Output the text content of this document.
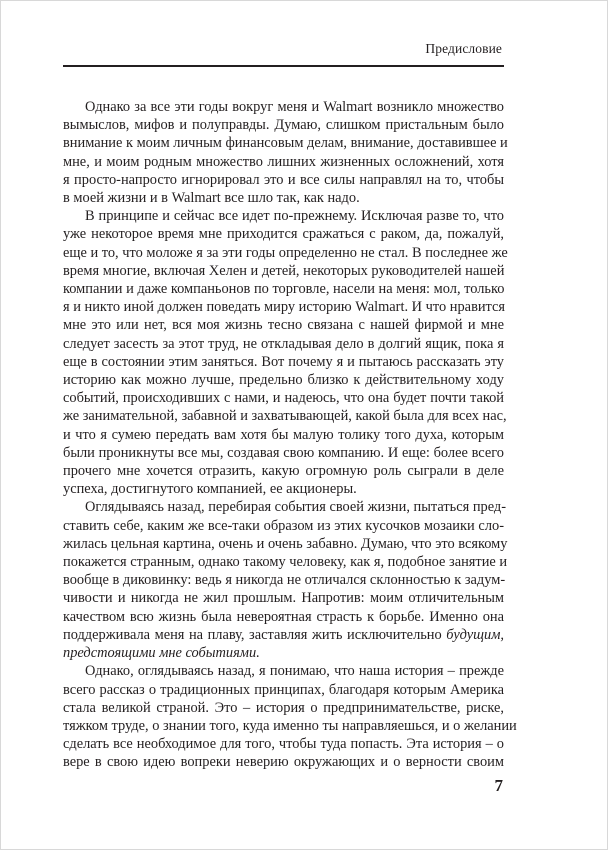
Предисловие
Однако за все эти годы вокруг меня и Walmart возникло множество
вымыслов, мифов и полуправды. Думаю, слишком пристальным было
внимание к моим личным финансовым делам, внимание, доставившее и
мне, и моим родным множество лишних жизненных осложнений, хотя
я просто-напросто игнорировал это и все силы направлял на то, чтобы
в моей жизни и в Walmart все шло так, как надо.
В принципе и сейчас все идет по-прежнему. Исключая разве то, что
уже некоторое время мне приходится сражаться с раком, да, пожалуй,
еще и то, что моложе я за эти годы определенно не стал. В последнее же
время многие, включая Хелен и детей, некоторых руководителей нашей
компании и даже компаньонов по торговле, насели на меня: мол, только
я и никто иной должен поведать миру историю Walmart. И что нравится
мне это или нет, вся моя жизнь тесно связана с нашей фирмой и мне
следует засесть за этот труд, не откладывая дело в долгий ящик, пока я
еще в состоянии этим заняться. Вот почему я и пытаюсь рассказать эту
историю как можно лучше, предельно близко к действительному ходу
событий, происходивших с нами, и надеюсь, что она будет почти такой
же занимательной, забавной и захватывающей, какой была для всех нас,
и что я сумею передать вам хотя бы малую толику того духа, которым
были проникнуты все мы, создавая свою компанию. И еще: более всего
прочего мне хочется отразить, какую огромную роль сыграли в деле
успеха, достигнутого компанией, ее акционеры.
Оглядываясь назад, перебирая события своей жизни, пытаться пред-
ставить себе, каким же все-таки образом из этих кусочков мозаики сло-
жилась цельная картина, очень и очень забавно. Думаю, что это всякому
покажется странным, однако такому человеку, как я, подобное занятие и
вообще в диковинку: ведь я никогда не отличался склонностью к задум-
чивости и никогда не жил прошлым. Напротив: моим отличительным
качеством всю жизнь была невероятная страсть к борьбе. Именно она
поддерживала меня на плаву, заставляя жить исключительно будущим,
предстоящими мне событиями.
Однако, оглядываясь назад, я понимаю, что наша история – прежде
всего рассказ о традиционных принципах, благодаря которым Америка
стала великой страной. Это – история о предпринимательстве, риске,
тяжком труде, о знании того, куда именно ты направляешься, и о желании
сделать все необходимое для того, чтобы туда попасть. Эта история – о
вере в свою идею вопреки неверию окружающих и о верности своим
7
